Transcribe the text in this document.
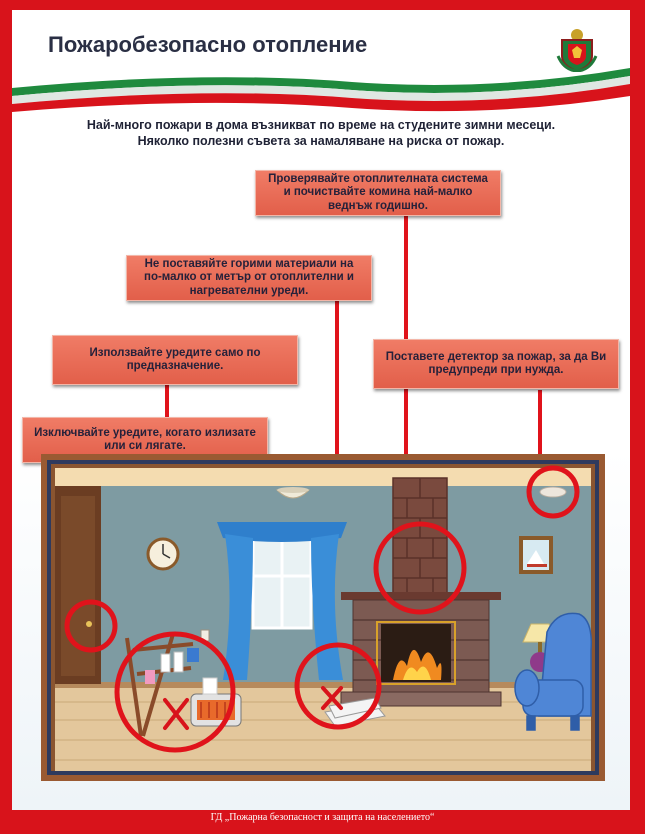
Пожаробезопасно отопление
Най-много пожари в дома възникват по време на студените зимни месеци.
Няколко полезни съвета за намаляване на риска от пожар.
Проверявайте отоплителната система и почиствайте комина най-малко веднъж годишно.
Не поставяйте горими материали на по-малко от метър от отоплителни и нагревателни уреди.
Използвайте уредите само по предназначение.
Поставете детектор за пожар, за да Ви предупреди при нужда.
Изключвайте уредите, когато излизате или си лягате.
ГД „Пожарна безопасност и защита на населението“
